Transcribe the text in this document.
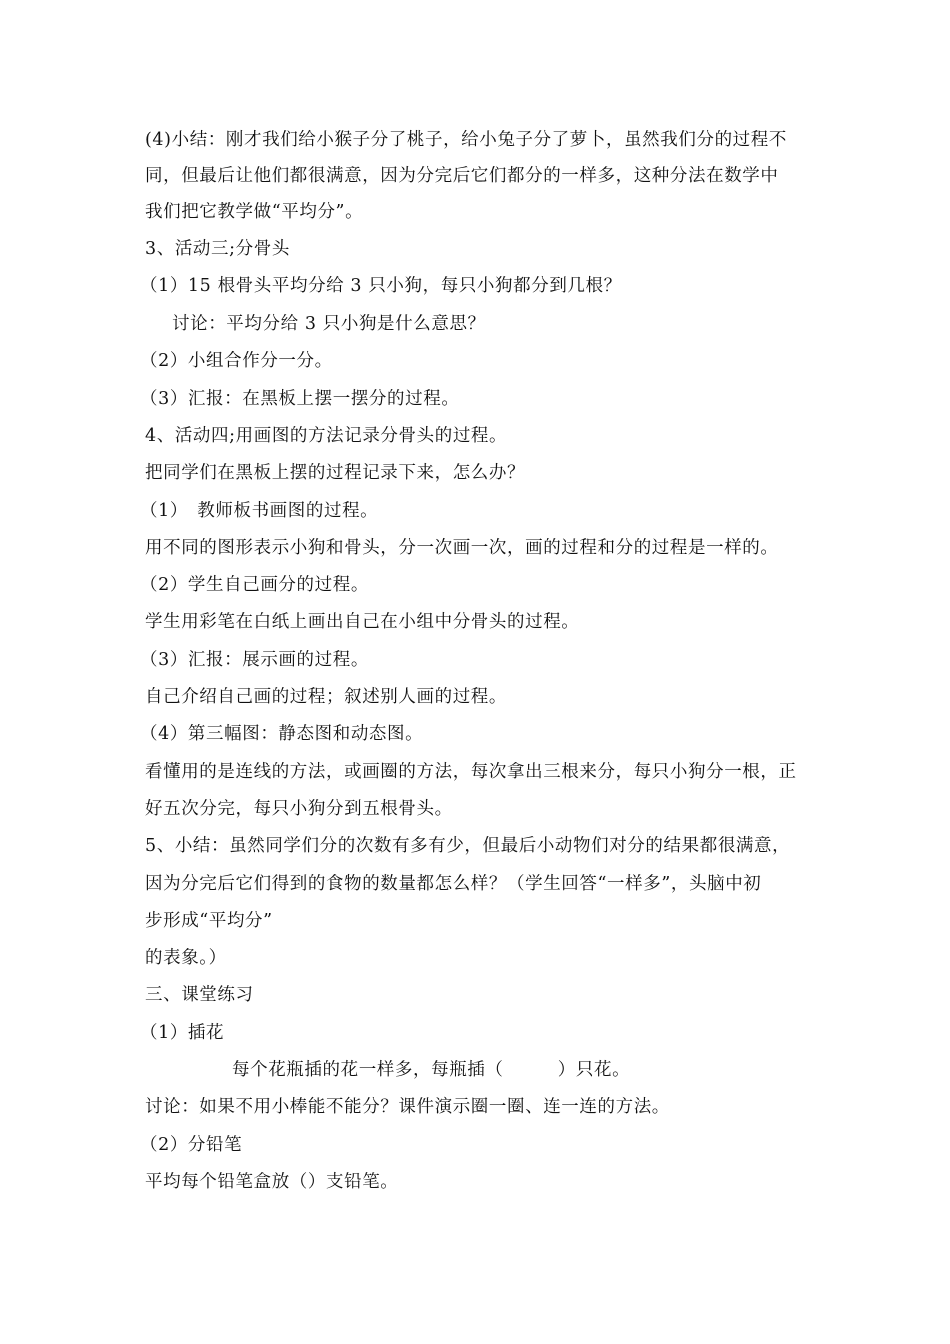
(4)小结：刚才我们给小猴子分了桃子，给小兔子分了萝卜，虽然我们分的过程不
同，但最后让他们都很满意，因为分完后它们都分的一样多，这种分法在数学中
我们把它教学做“平均分”。
3、活动三;分骨头
（1）15 根骨头平均分给 3 只小狗，每只小狗都分到几根？
讨论：平均分给 3 只小狗是什么意思？
（2）小组合作分一分。
（3）汇报：在黑板上摆一摆分的过程。
4、活动四;用画图的方法记录分骨头的过程。
把同学们在黑板上摆的过程记录下来，怎么办？
（1）　教师板书画图的过程。
用不同的图形表示小狗和骨头，分一次画一次，画的过程和分的过程是一样的。
（2）学生自己画分的过程。
学生用彩笔在白纸上画出自己在小组中分骨头的过程。
（3）汇报：展示画的过程。
自己介绍自己画的过程；叙述别人画的过程。
（4）第三幅图：静态图和动态图。
看懂用的是连线的方法，或画圈的方法，每次拿出三根来分，每只小狗分一根，正
好五次分完，每只小狗分到五根骨头。
5、小结：虽然同学们分的次数有多有少，但最后小动物们对分的结果都很满意，
因为分完后它们得到的食物的数量都怎么样？（学生回答“一样多”，头脑中初
步形成“平均分”
的表象。）
三、课堂练习
（1）插花
每个花瓶插的花一样多，每瓶插（　　　）只花。
讨论：如果不用小棒能不能分？课件演示圈一圈、连一连的方法。
（2）分铅笔
平均每个铅笔盒放（）支铅笔。
